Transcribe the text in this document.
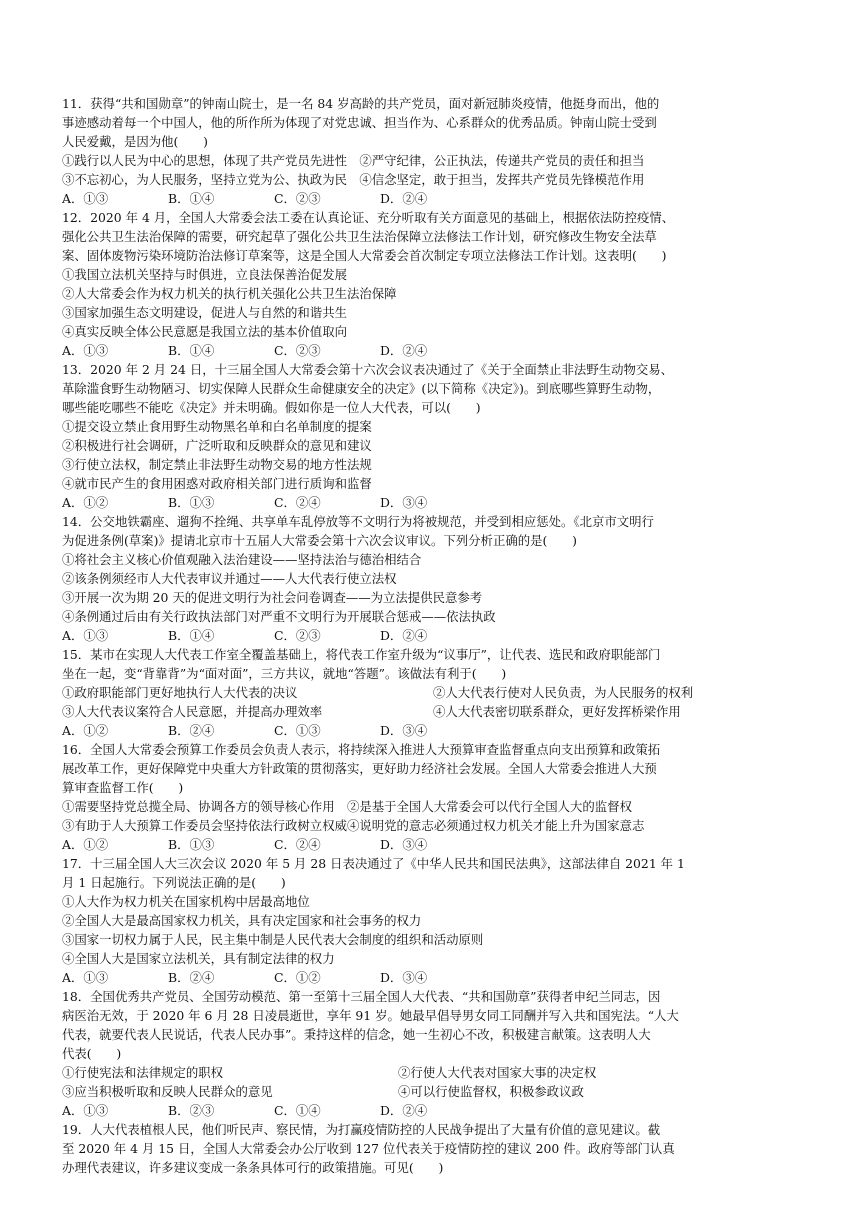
11．获得“共和国勋章”的钟南山院士，是一名 84 岁高龄的共产党员，面对新冠肺炎疫情，他挺身而出，他的
事迹感动着每一个中国人，他的所作所为体现了对党忠诚、担当作为、心系群众的优秀品质。钟南山院士受到
人民爱戴，是因为他(　　)
①践行以人民为中心的思想，体现了共产党员先进性　②严守纪律，公正执法，传递共产党员的责任和担当
③不忘初心，为人民服务，坚持立党为公、执政为民　④信念坚定，敢于担当，发挥共产党员先锋模范作用
A．①③	B．①④	C．②③	D．②④
12．2020 年 4 月，全国人大常委会法工委在认真论证、充分听取有关方面意见的基础上，根据依法防控疫情、
强化公共卫生法治保障的需要，研究起草了强化公共卫生法治保障立法修法工作计划，研究修改生物安全法草
案、固体废物污染环境防治法修订草案等，这是全国人大常委会首次制定专项立法修法工作计划。这表明(　　)
①我国立法机关坚持与时俱进，立良法保善治促发展
②人大常委会作为权力机关的执行机关强化公共卫生法治保障
③国家加强生态文明建设，促进人与自然的和谐共生
④真实反映全体公民意愿是我国立法的基本价值取向
A．①③	B．①④	C．②③	D．②④
13．2020 年 2 月 24 日，十三届全国人大常委会第十六次会议表决通过了《关于全面禁止非法野生动物交易、
革除滥食野生动物陋习、切实保障人民群众生命健康安全的决定》(以下简称《决定》)。到底哪些算野生动物，
哪些能吃哪些不能吃《决定》并未明确。假如你是一位人大代表，可以(　　)
①提交设立禁止食用野生动物黑名单和白名单制度的提案
②积极进行社会调研，广泛听取和反映群众的意见和建议
③行使立法权，制定禁止非法野生动物交易的地方性法规
④就市民产生的食用困惑对政府相关部门进行质询和监督
A．①②	B．①③	C．②④	D．③④
14．公交地铁霸座、遛狗不拴绳、共享单车乱停放等不文明行为将被规范，并受到相应惩处。《北京市文明行
为促进条例(草案)》提请北京市十五届人大常委会第十六次会议审议。下列分析正确的是(　　)
①将社会主义核心价值观融入法治建设——坚持法治与德治相结合
②该条例须经市人大代表审议并通过——人大代表行使立法权
③开展一次为期 20 天的促进文明行为社会问卷调查——为立法提供民意参考
④条例通过后由有关行政执法部门对严重不文明行为开展联合惩戒——依法执政
A．①③	B．①④	C．②③	D．②④
15．某市在实现人大代表工作室全覆盖基础上，将代表工作室升级为“议事厅”，让代表、选民和政府职能部门
坐在一起，变“背靠背”为“面对面”，三方共议，就地“答题”。该做法有利于(　　)
①政府职能部门更好地执行人大代表的决议	②人大代表行使对人民负责，为人民服务的权利
③人大代表议案符合人民意愿，并提高办理效率	④人大代表密切联系群众，更好发挥桥梁作用
A．①②	B．②④	C．①③	D．③④
16．全国人大常委会预算工作委员会负责人表示，将持续深入推进人大预算审查监督重点向支出预算和政策拓
展改革工作，更好保障党中央重大方针政策的贯彻落实，更好助力经济社会发展。全国人大常委会推进人大预
算审查监督工作(　　)
①需要坚持党总揽全局、协调各方的领导核心作用　②是基于全国人大常委会可以代行全国人大的监督权
③有助于人大预算工作委员会坚持依法行政树立权威④说明党的意志必须通过权力机关才能上升为国家意志
A．①②	B．①③	C．②④	D．③④
17．十三届全国人大三次会议 2020 年 5 月 28 日表决通过了《中华人民共和国民法典》，这部法律自 2021 年 1
月 1 日起施行。下列说法正确的是(　　)
①人大作为权力机关在国家机构中居最高地位
②全国人大是最高国家权力机关，具有决定国家和社会事务的权力
③国家一切权力属于人民，民主集中制是人民代表大会制度的组织和活动原则
④全国人大是国家立法机关，具有制定法律的权力
A．①③	B．②④	C．①②	D．③④
18．全国优秀共产党员、全国劳动模范、第一至第十三届全国人大代表、“共和国勋章”获得者申纪兰同志，因
病医治无效，于 2020 年 6 月 28 日凌晨逝世，享年 91 岁。她最早倡导男女同工同酬并写入共和国宪法。“人大
代表，就要代表人民说话，代表人民办事”。秉持这样的信念，她一生初心不改，积极建言献策。这表明人大
代表(　　)
①行使宪法和法律规定的职权	②行使人大代表对国家大事的决定权
③应当积极听取和反映人民群众的意见	④可以行使监督权，积极参政议政
A．①③	B．②③	C．①④	D．②④
19．人大代表植根人民，他们听民声、察民情，为打赢疫情防控的人民战争提出了大量有价值的意见建议。截
至 2020 年 4 月 15 日，全国人大常委会办公厅收到 127 位代表关于疫情防控的建议 200 件。政府等部门认真
办理代表建议，许多建议变成一条条具体可行的政策措施。可见(　　)
